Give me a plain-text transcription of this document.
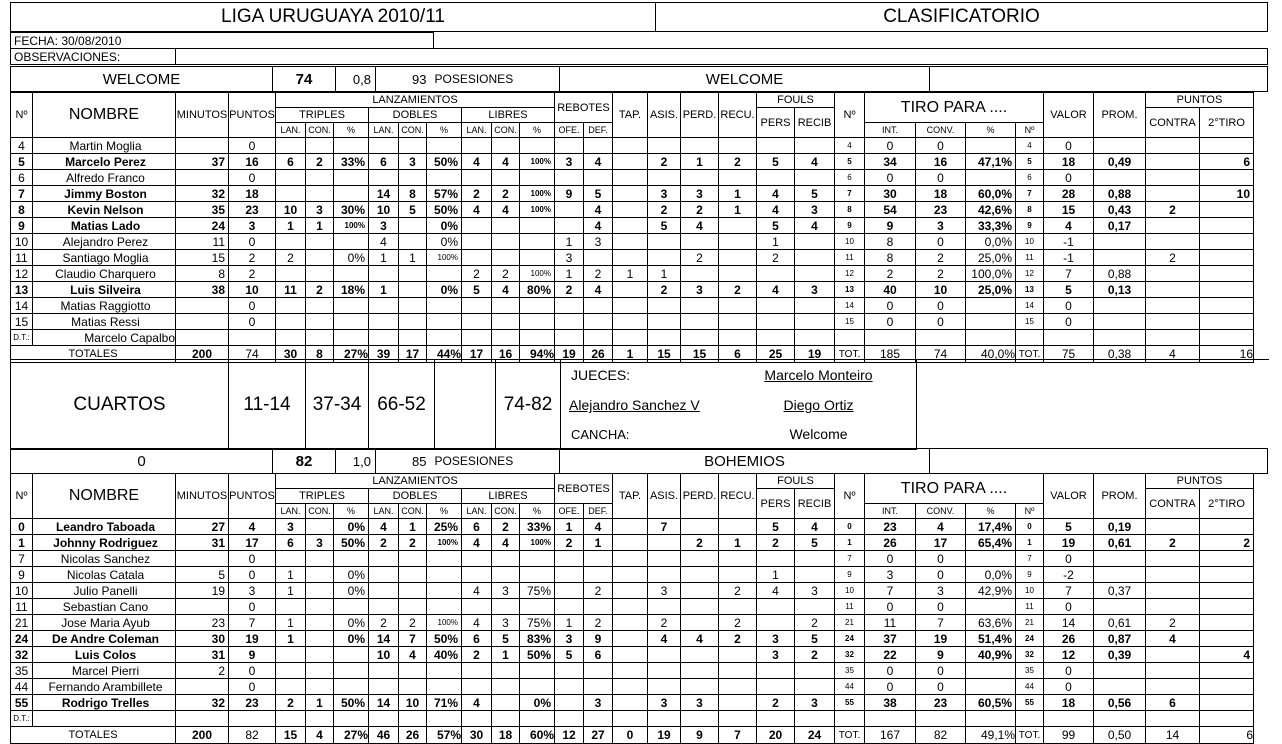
LIGA URUGUAYA 2010/11	CLASIFICATORIO
FECHA: 30/08/2010		
OBSERVACIONES:		
WELCOME	74	0,8	93		POSESIONES	WELCOME	
Nº	NOMBRE	MINUTOS	PUNTOS	LANZAMIENTOS									REBOTES		TAP.	ASIS.	PERD.	RECU.	FOULS		Nº	TIRO PARA ....				VALOR	PROM.	PUNTOS	
				TRIPLES			DOBLES			LIBRES									PERS	RECIB								CONTRA	2°TIRO
				LAN.	CON.	%	LAN.	CON.	%	LAN.	CON.	%	OFE.	DEF.								INT.	CONV.	%	Nº				
4	Martin Moglia		0																		4	0	0		4	0			
5	Marcelo Perez	37	16	6	2	33%	6	3	50%	4	4	100%	3	4		2	1	2	5	4	5	34	16	47,1%	5	18	0,49		6
6	Alfredo Franco		0																		6	0	0		6	0			
7	Jimmy Boston	32	18				14	8	57%	2	2	100%	9	5		3	3	1	4	5	7	30	18	60,0%	7	28	0,88		10
8	Kevin Nelson	35	23	10	3	30%	10	5	50%	4	4	100%		4		2	2	1	4	3	8	54	23	42,6%	8	15	0,43	2	
9	Matias Lado	24	3	1	1	100%	3		0%					4		5	4		5	4	9	9	3	33,3%	9	4	0,17		
10	Alejandro Perez	11	0				4		0%				1	3					1		10	8	0	0,0%	10	-1			
11	Santiago Moglia	15	2	2		0%	1	1	100%				3				2		2		11	8	2	25,0%	11	-1		2	
12	Claudio Charquero	8	2							2	2	100%	1	2	1	1					12	2	2	100,0%	12	7	0,88		
13	Luis Silveira	38	10	11	2	18%	1		0%	5	4	80%	2	4		2	3	2	4	3	13	40	10	25,0%	13	5	0,13		
14	Matias Raggiotto		0																		14	0	0		14	0			
15	Matias Ressi		0																		15	0	0		15	0			
D.T.:	Marcelo Capalbo																												
TOTALES		200	74	30	8	27%	39	17	44%	17	16	94%	19	26	1	15	15	6	25	19	TOT.	185	74	40,0%	TOT.	75	0,38	4	16
CUARTOS	11-14	37-34	66-52		74-82	
JUECES:	Marcelo Monteiro
Alejandro Sanchez V	Diego Ortiz
CANCHA:	Welcome

0	82	1,0	85		POSESIONES	BOHEMIOS	
Nº	NOMBRE	MINUTOS	PUNTOS	LANZAMIENTOS									REBOTES		TAP.	ASIS.	PERD.	RECU.	FOULS		Nº	TIRO PARA ....				VALOR	PROM.	PUNTOS	
				TRIPLES			DOBLES			LIBRES									PERS	RECIB								CONTRA	2°TIRO
				LAN.	CON.	%	LAN.	CON.	%	LAN.	CON.	%	OFE.	DEF.								INT.	CONV.	%	Nº				
0	Leandro Taboada	27	4	3		0%	4	1	25%	6	2	33%	1	4		7			5	4	0	23	4	17,4%	0	5	0,19		
1	Johnny Rodriguez	31	17	6	3	50%	2	2	100%	4	4	100%	2	1			2	1	2	5	1	26	17	65,4%	1	19	0,61	2	2
7	Nicolas Sanchez		0																		7	0	0		7	0			
9	Nicolas Catala	5	0	1		0%													1		9	3	0	0,0%	9	-2			
10	Julio Panelli	19	3	1		0%				4	3	75%		2		3		2	4	3	10	7	3	42,9%	10	7	0,37		
11	Sebastian Cano		0																		11	0	0		11	0			
21	Jose Maria Ayub	23	7	1		0%	2	2	100%	4	3	75%	1	2		2		2		2	21	11	7	63,6%	21	14	0,61	2	
24	De Andre Coleman	30	19	1		0%	14	7	50%	6	5	83%	3	9		4	4	2	3	5	24	37	19	51,4%	24	26	0,87	4	
32	Luis Colos	31	9				10	4	40%	2	1	50%	5	6					3	2	32	22	9	40,9%	32	12	0,39		4
35	Marcel Pierri	2	0																		35	0	0		35	0			
44	Fernando Arambillete		0																		44	0	0		44	0			
55	Rodrigo Trelles	32	23	2	1	50%	14	10	71%	4		0%		3		3	3		2	3	55	38	23	60,5%	55	18	0,56	6	
D.T.:																													
TOTALES		200	82	15	4	27%	46	26	57%	30	18	60%	12	27	0	19	9	7	20	24	TOT.	167	82	49,1%	TOT.	99	0,50	14	6
